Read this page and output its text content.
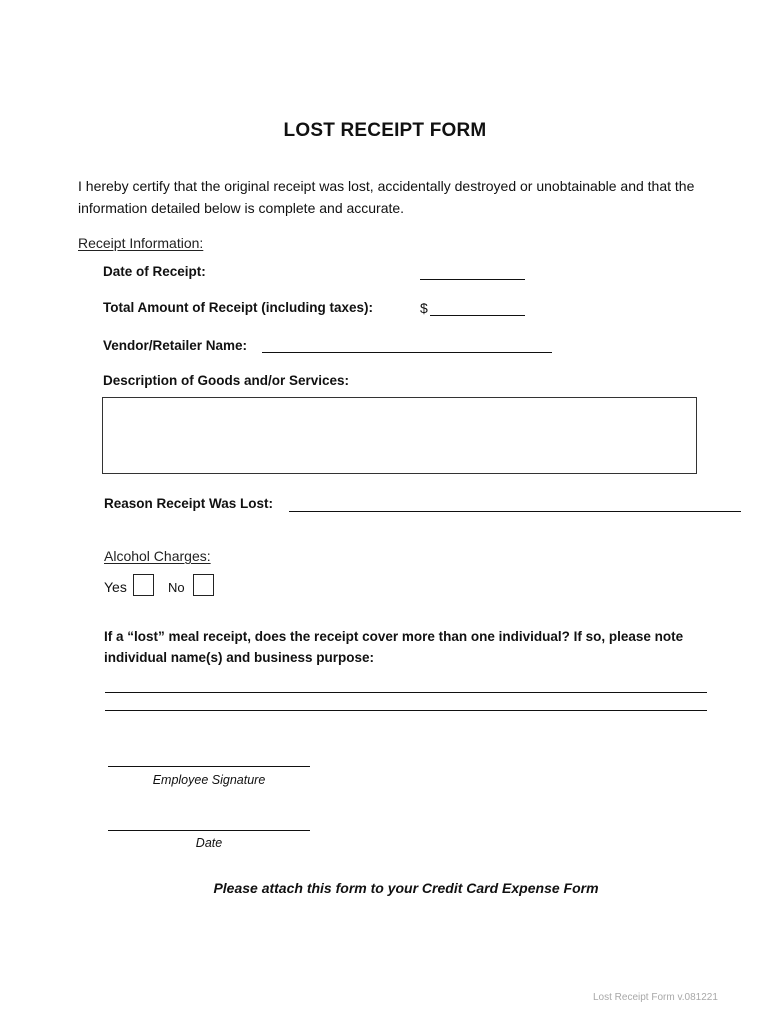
LOST RECEIPT FORM
I hereby certify that the original receipt was lost, accidentally destroyed or unobtainable and that the information detailed below is complete and accurate.
Receipt Information:
Date of Receipt:
Total Amount of Receipt (including taxes):	$
Vendor/Retailer Name:
Description of Goods and/or Services:
Reason Receipt Was Lost:
Alcohol Charges:
Yes	No
If a “lost” meal receipt, does the receipt cover more than one individual? If so, please note individual name(s) and business purpose:
Employee Signature
Date
Please attach this form to your Credit Card Expense Form
Lost Receipt Form v.081221
